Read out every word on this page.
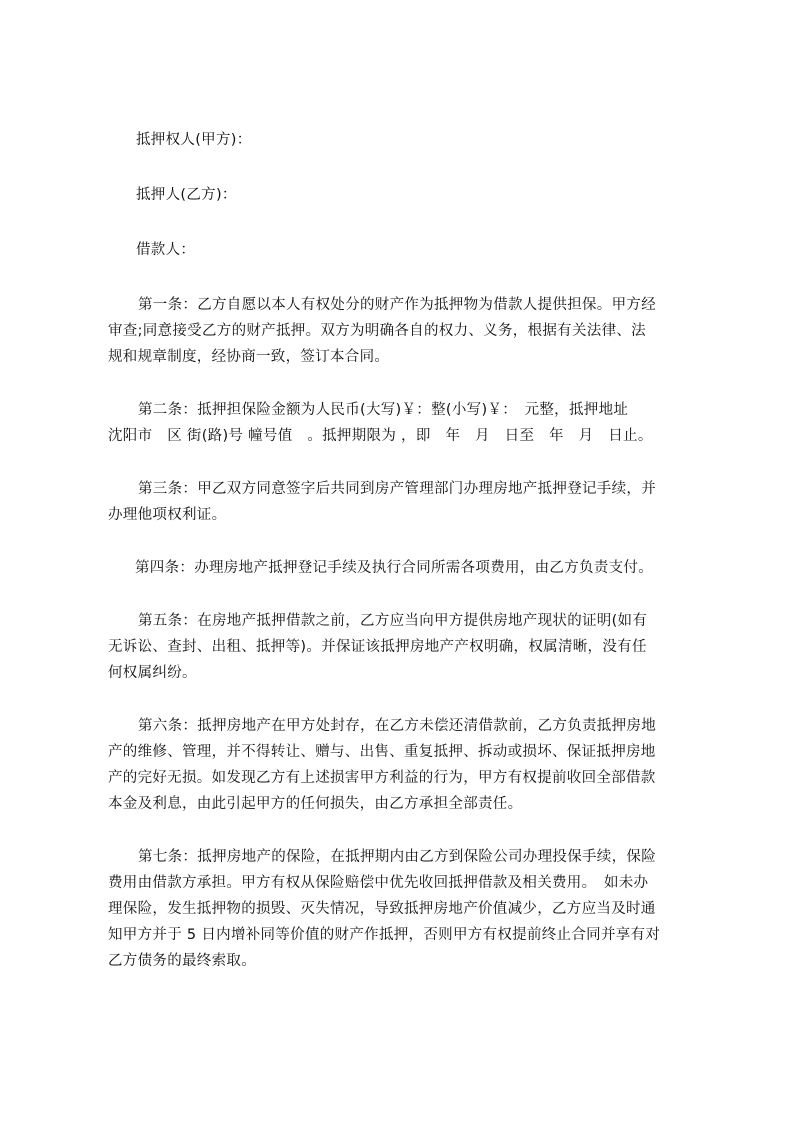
抵押权人(甲方)：
抵押人(乙方)：
借款人：
第一条：乙方自愿以本人有权处分的财产作为抵押物为借款人提供担保。甲方经
审查;同意接受乙方的财产抵押。双方为明确各自的权力、义务，根据有关法律、法
规和规章制度，经协商一致，签订本合同。
第二条：抵押担保险金额为人民币(大写)￥：整(小写)￥：　元整，抵押地址
沈阳市　区 街(路)号 幢号值　。抵押期限为 ，即　年　月　日至　年　月　日止。
第三条：甲乙双方同意签字后共同到房产管理部门办理房地产抵押登记手续，并
办理他项权利证。
第四条：办理房地产抵押登记手续及执行合同所需各项费用，由乙方负责支付。
第五条：在房地产抵押借款之前，乙方应当向甲方提供房地产现状的证明(如有
无诉讼、查封、出租、抵押等)。并保证该抵押房地产产权明确，权属清晰，没有任
何权属纠纷。
第六条：抵押房地产在甲方处封存，在乙方未偿还清借款前，乙方负责抵押房地
产的维修、管理，并不得转让、赠与、出售、重复抵押、拆动或损坏、保证抵押房地
产的完好无损。如发现乙方有上述损害甲方利益的行为，甲方有权提前收回全部借款
本金及利息，由此引起甲方的任何损失，由乙方承担全部责任。
第七条：抵押房地产的保险，在抵押期内由乙方到保险公司办理投保手续，保险
费用由借款方承担。甲方有权从保险赔偿中优先收回抵押借款及相关费用。　如未办
理保险，发生抵押物的损毁、灭失情况，导致抵押房地产价值减少，乙方应当及时通
知甲方并于 5 日内增补同等价值的财产作抵押，否则甲方有权提前终止合同并享有对
乙方债务的最终索取。
